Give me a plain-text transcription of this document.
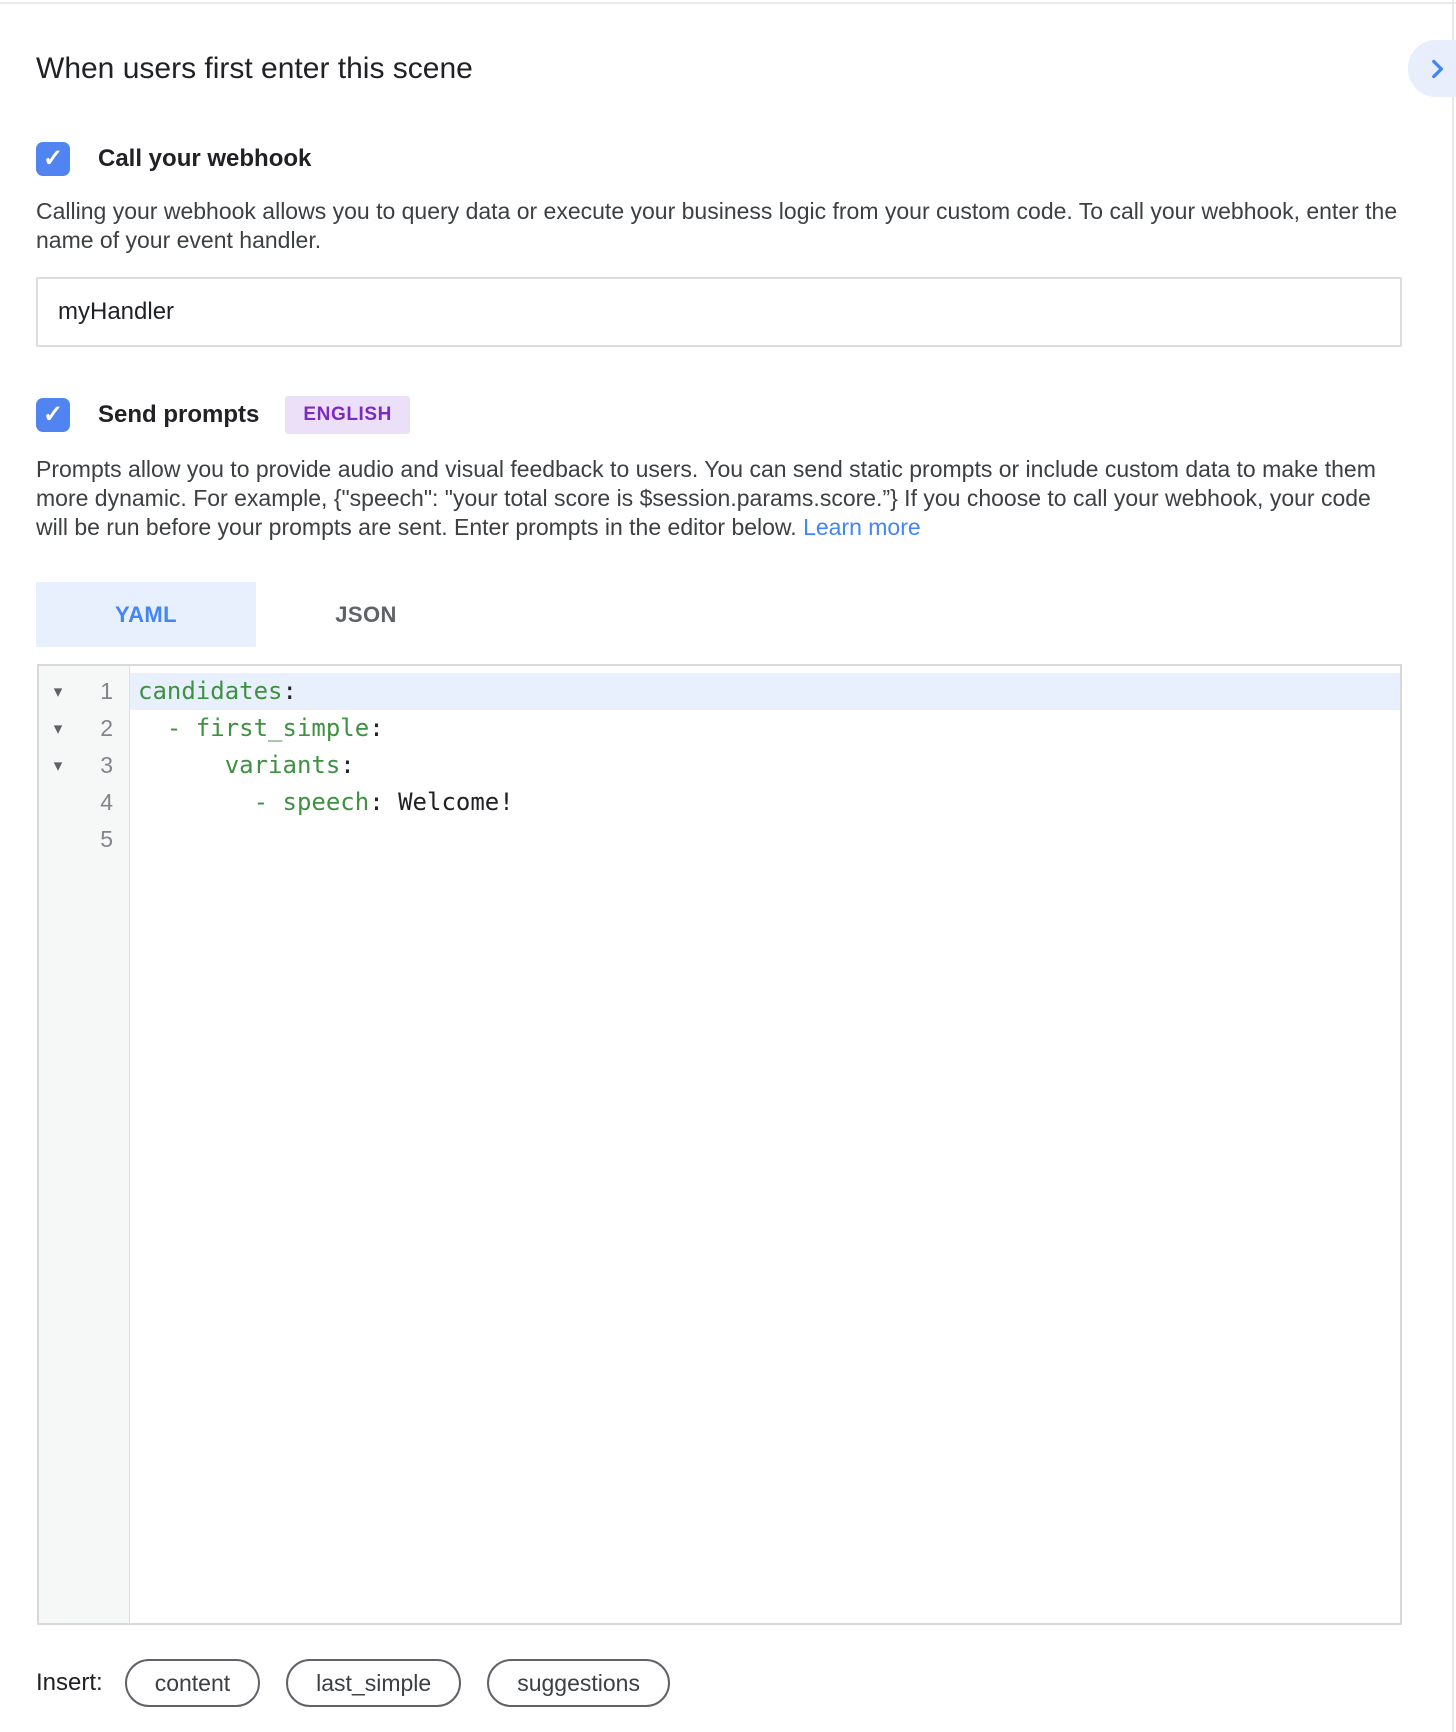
When users first enter this scene
✓ Call your webhook
Calling your webhook allows you to query data or execute your business logic from your custom code. To call your webhook, enter the name of your event handler.
myHandler
✓ Send prompts	ENGLISH
Prompts allow you to provide audio and visual feedback to users. You can send static prompts or include custom data to make them more dynamic. For example, {"speech": "your total score is $session.params.score.”} If you choose to call your webhook, your code will be run before your prompts are sent. Enter prompts in the editor below. Learn more
YAML	JSON
▾	1
▾	2
▾	3
4
5
candidates:
- first_simple:
variants:
- speech: Welcome!
Insert:	content	last_simple	suggestions
